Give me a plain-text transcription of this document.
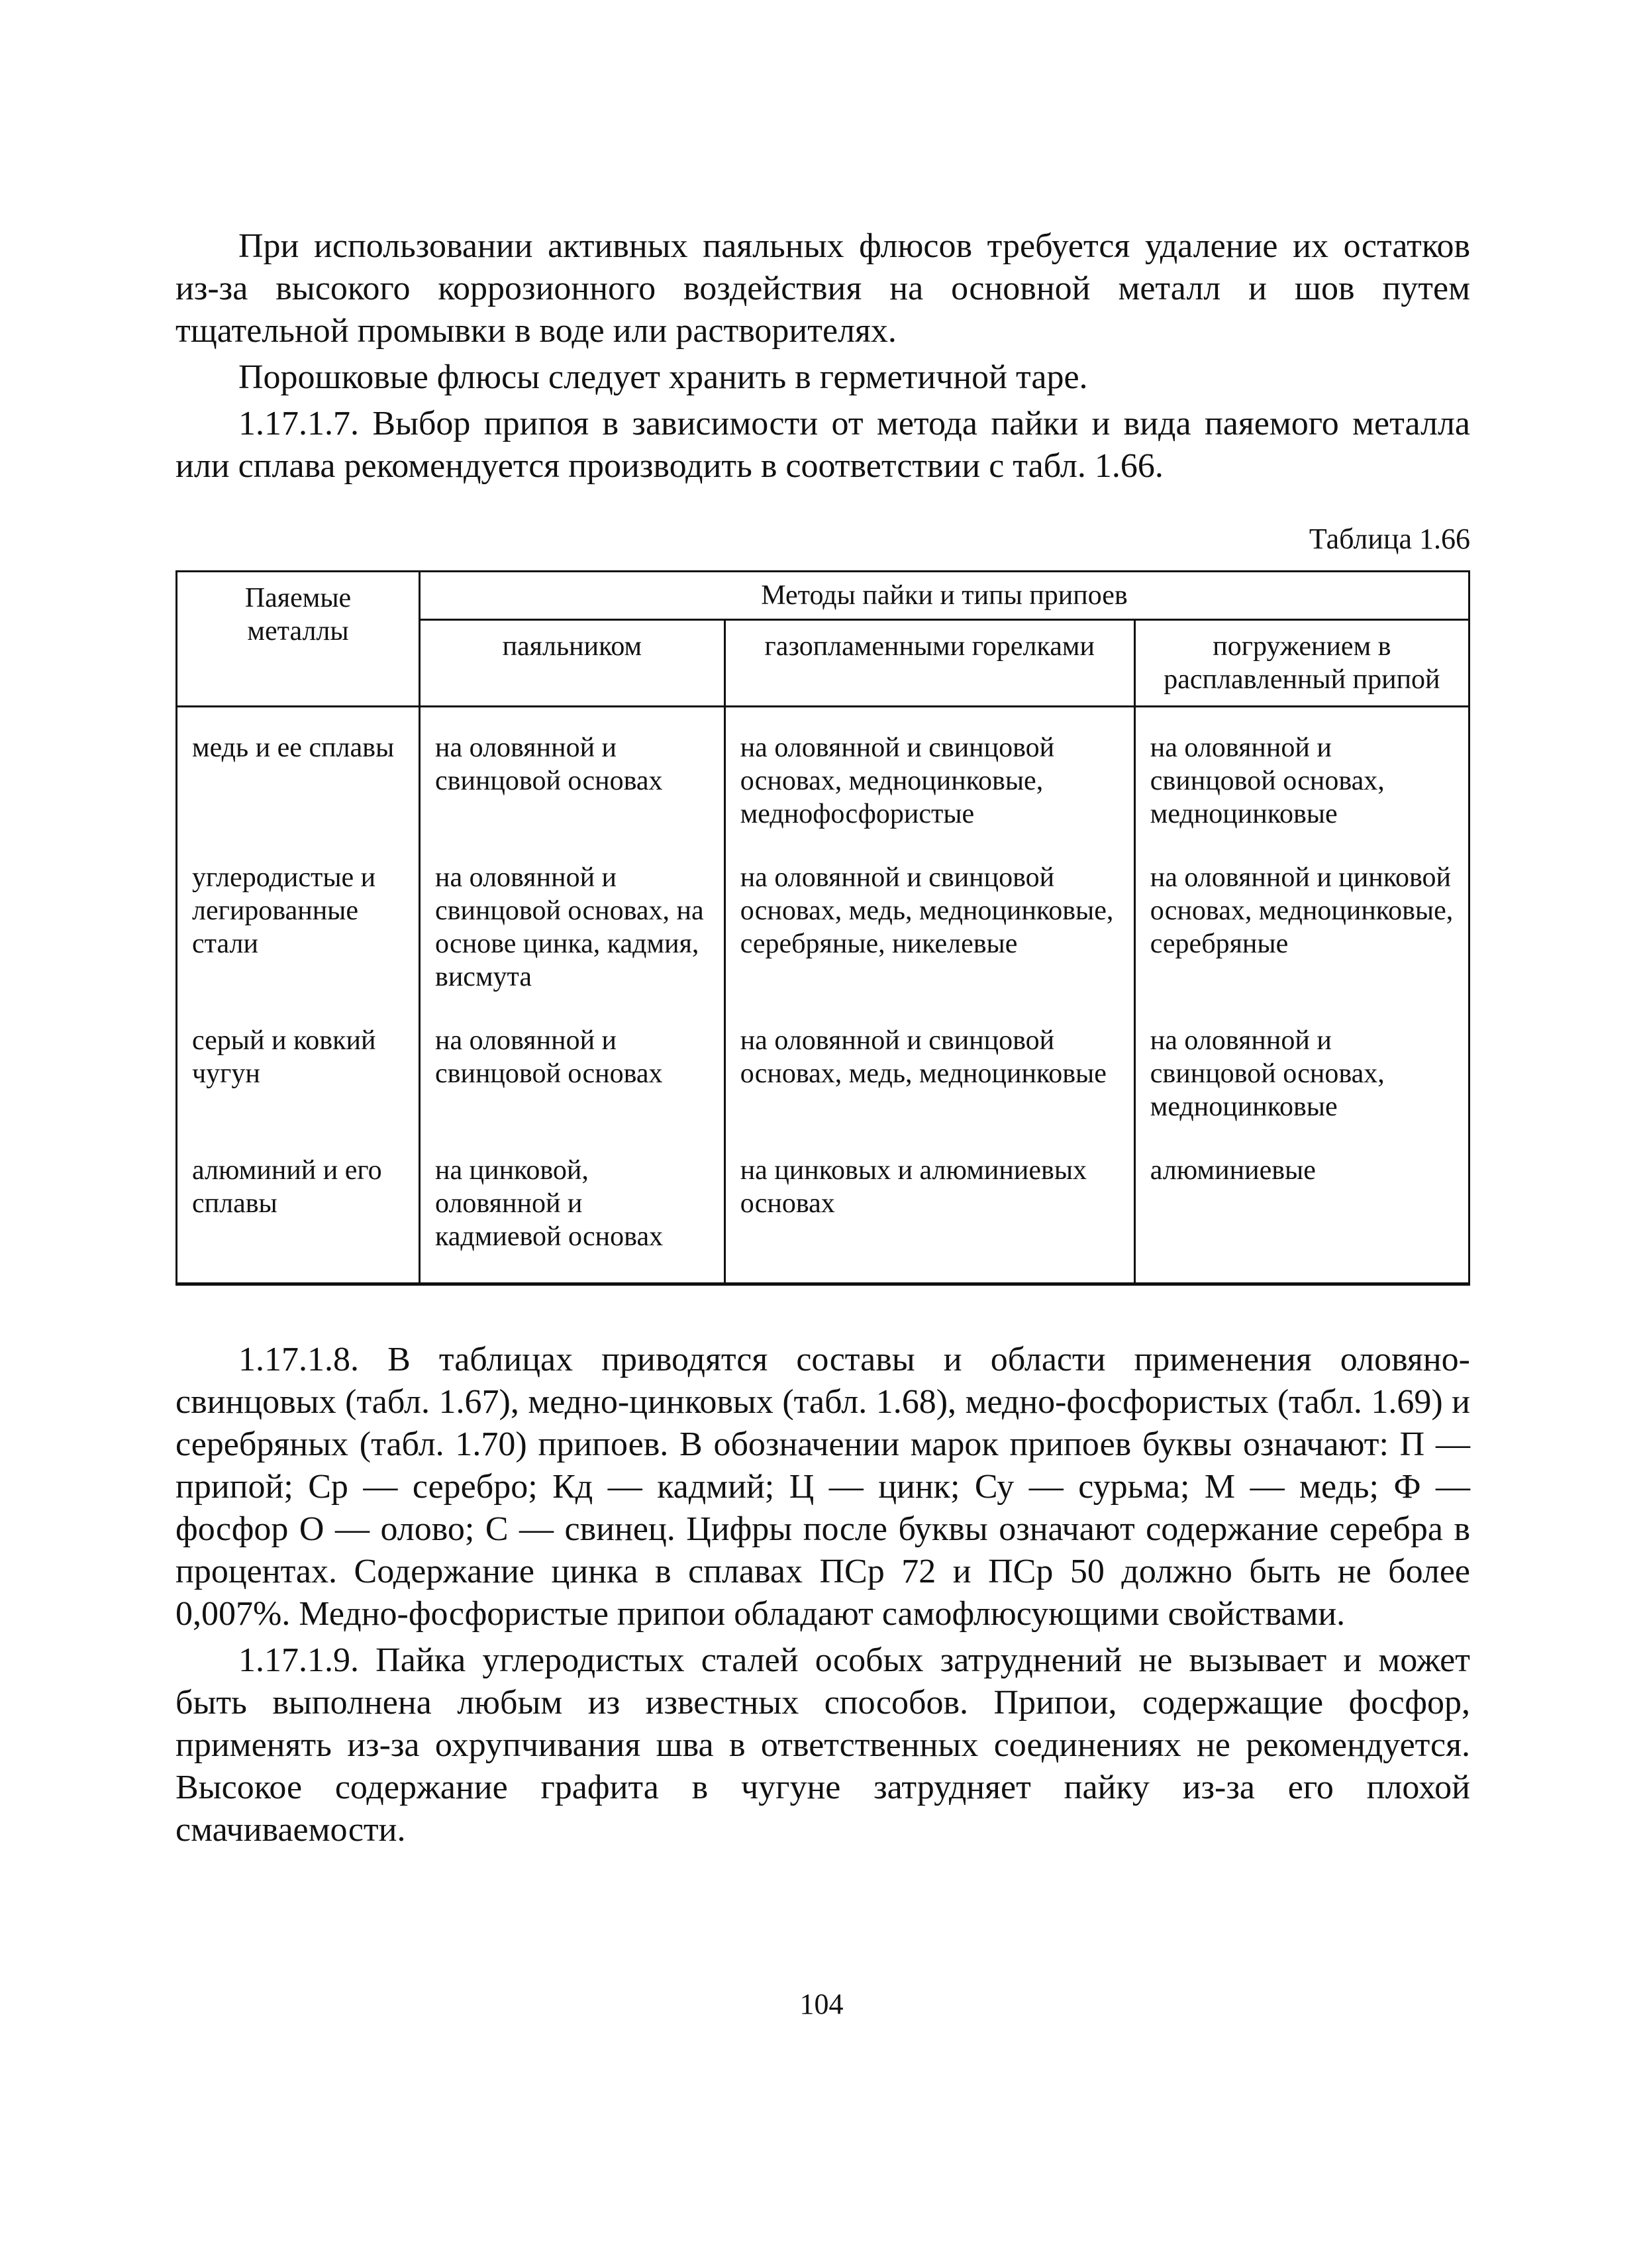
При использовании активных паяльных флюсов требуется удаление их остатков из-за высокого коррозионного воздействия на основной металл и шов путем тщательной промывки в воде или растворителях.

Порошковые флюсы следует хранить в герметичной таре.

1.17.1.7. Выбор припоя в зависимости от метода пайки и вида паяемого металла или сплава рекомендуется производить в соответствии с табл. 1.66.

Таблица 1.66
Паяемые металлы	Методы пайки и типы припоев		
	паяльником	газопламенными горелками	погружением в расплавленный припой
медь и ее сплавы	на оловянной и свинцовой основах	на оловянной и свинцовой основах, медноцинковые, меднофосфористые	на оловянной и свинцовой основах, медноцинковые
углеродистые и легированные стали	на оловянной и свинцовой основах, на основе цинка, кадмия, висмута	на оловянной и свинцовой основах, медь, медноцинковые, серебряные, никелевые	на оловянной и цинковой основах, медноцинковые, серебряные
серый и ковкий чугун	на оловянной и свинцовой основах	на оловянной и свинцовой основах, медь, медноцинковые	на оловянной и свинцовой основах, медноцинковые
алюминий и его сплавы	на цинковой, оловянной и кадмиевой основах	на цинковых и алюминиевых основах	алюминиевые

1.17.1.8. В таблицах приводятся составы и области применения оловяно-свинцовых (табл. 1.67), медно-цинковых (табл. 1.68), медно-фосфористых (табл. 1.69) и серебряных (табл. 1.70) припоев. В обозначении марок припоев буквы означают: П — припой; Ср — серебро; Кд — кадмий; Ц — цинк; Су — сурьма; М — медь; Ф — фосфор О — олово; С — свинец. Цифры после буквы означают содержание серебра в процентах. Содержание цинка в сплавах ПСр 72 и ПСр 50 должно быть не более 0,007%. Медно-фосфористые припои обладают самофлюсующими свойствами.

1.17.1.9. Пайка углеродистых сталей особых затруднений не вызывает и может быть выполнена любым из известных способов. Припои, содержащие фосфор, применять из-за охрупчивания шва в ответственных соединениях не рекомендуется. Высокое содержание графита в чугуне затрудняет пайку из-за его плохой смачиваемости.

104
